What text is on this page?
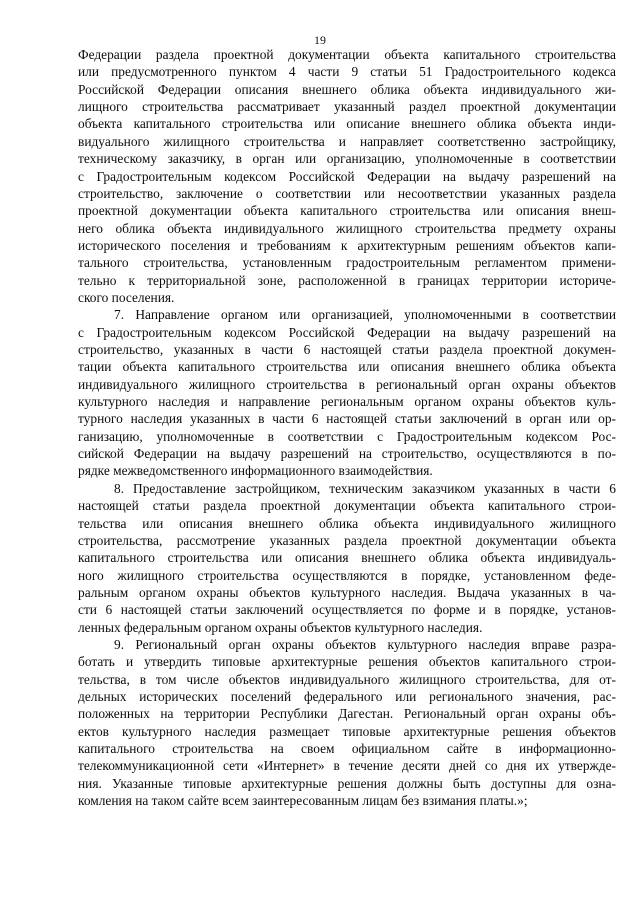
19
Федерации раздела проектной документации объекта капитального строительства
или предусмотренного пунктом 4 части 9 статьи 51 Градостроительного кодекса
Российской Федерации описания внешнего облика объекта индивидуального жи-
лищного строительства рассматривает указанный раздел проектной документации
объекта капитального строительства или описание внешнего облика объекта инди-
видуального жилищного строительства и направляет соответственно застройщику,
техническому заказчику, в орган или организацию, уполномоченные в соответствии
с Градостроительным кодексом Российской Федерации на выдачу разрешений на
строительство, заключение о соответствии или несоответствии указанных раздела
проектной документации объекта капитального строительства или описания внеш-
него облика объекта индивидуального жилищного строительства предмету охраны
исторического поселения и требованиям к архитектурным решениям объектов капи-
тального строительства, установленным градостроительным регламентом примени-
тельно к территориальной зоне, расположенной в границах территории историче-
ского поселения.
7. Направление органом или организацией, уполномоченными в соответствии
с Градостроительным кодексом Российской Федерации на выдачу разрешений на
строительство, указанных в части 6 настоящей статьи раздела проектной докумен-
тации объекта капитального строительства или описания внешнего облика объекта
индивидуального жилищного строительства в региональный орган охраны объектов
культурного наследия и направление региональным органом охраны объектов куль-
турного наследия указанных в части 6 настоящей статьи заключений в орган или ор-
ганизацию, уполномоченные в соответствии с Градостроительным кодексом Рос-
сийской Федерации на выдачу разрешений на строительство, осуществляются в по-
рядке межведомственного информационного взаимодействия.
8. Предоставление застройщиком, техническим заказчиком указанных в части 6
настоящей статьи раздела проектной документации объекта капитального строи-
тельства или описания внешнего облика объекта индивидуального жилищного
строительства, рассмотрение указанных раздела проектной документации объекта
капитального строительства или описания внешнего облика объекта индивидуаль-
ного жилищного строительства осуществляются в порядке, установленном феде-
ральным органом охраны объектов культурного наследия. Выдача указанных в ча-
сти 6 настоящей статьи заключений осуществляется по форме и в порядке, установ-
ленных федеральным органом охраны объектов культурного наследия.
9. Региональный орган охраны объектов культурного наследия вправе разра-
ботать и утвердить типовые архитектурные решения объектов капитального строи-
тельства, в том числе объектов индивидуального жилищного строительства, для от-
дельных исторических поселений федерального или регионального значения, рас-
положенных на территории Республики Дагестан. Региональный орган охраны объ-
ектов культурного наследия размещает типовые архитектурные решения объектов
капитального строительства на своем официальном сайте в информационно-
телекоммуникационной сети «Интернет» в течение десяти дней со дня их утвержде-
ния. Указанные типовые архитектурные решения должны быть доступны для озна-
комления на таком сайте всем заинтересованным лицам без взимания платы.»;
